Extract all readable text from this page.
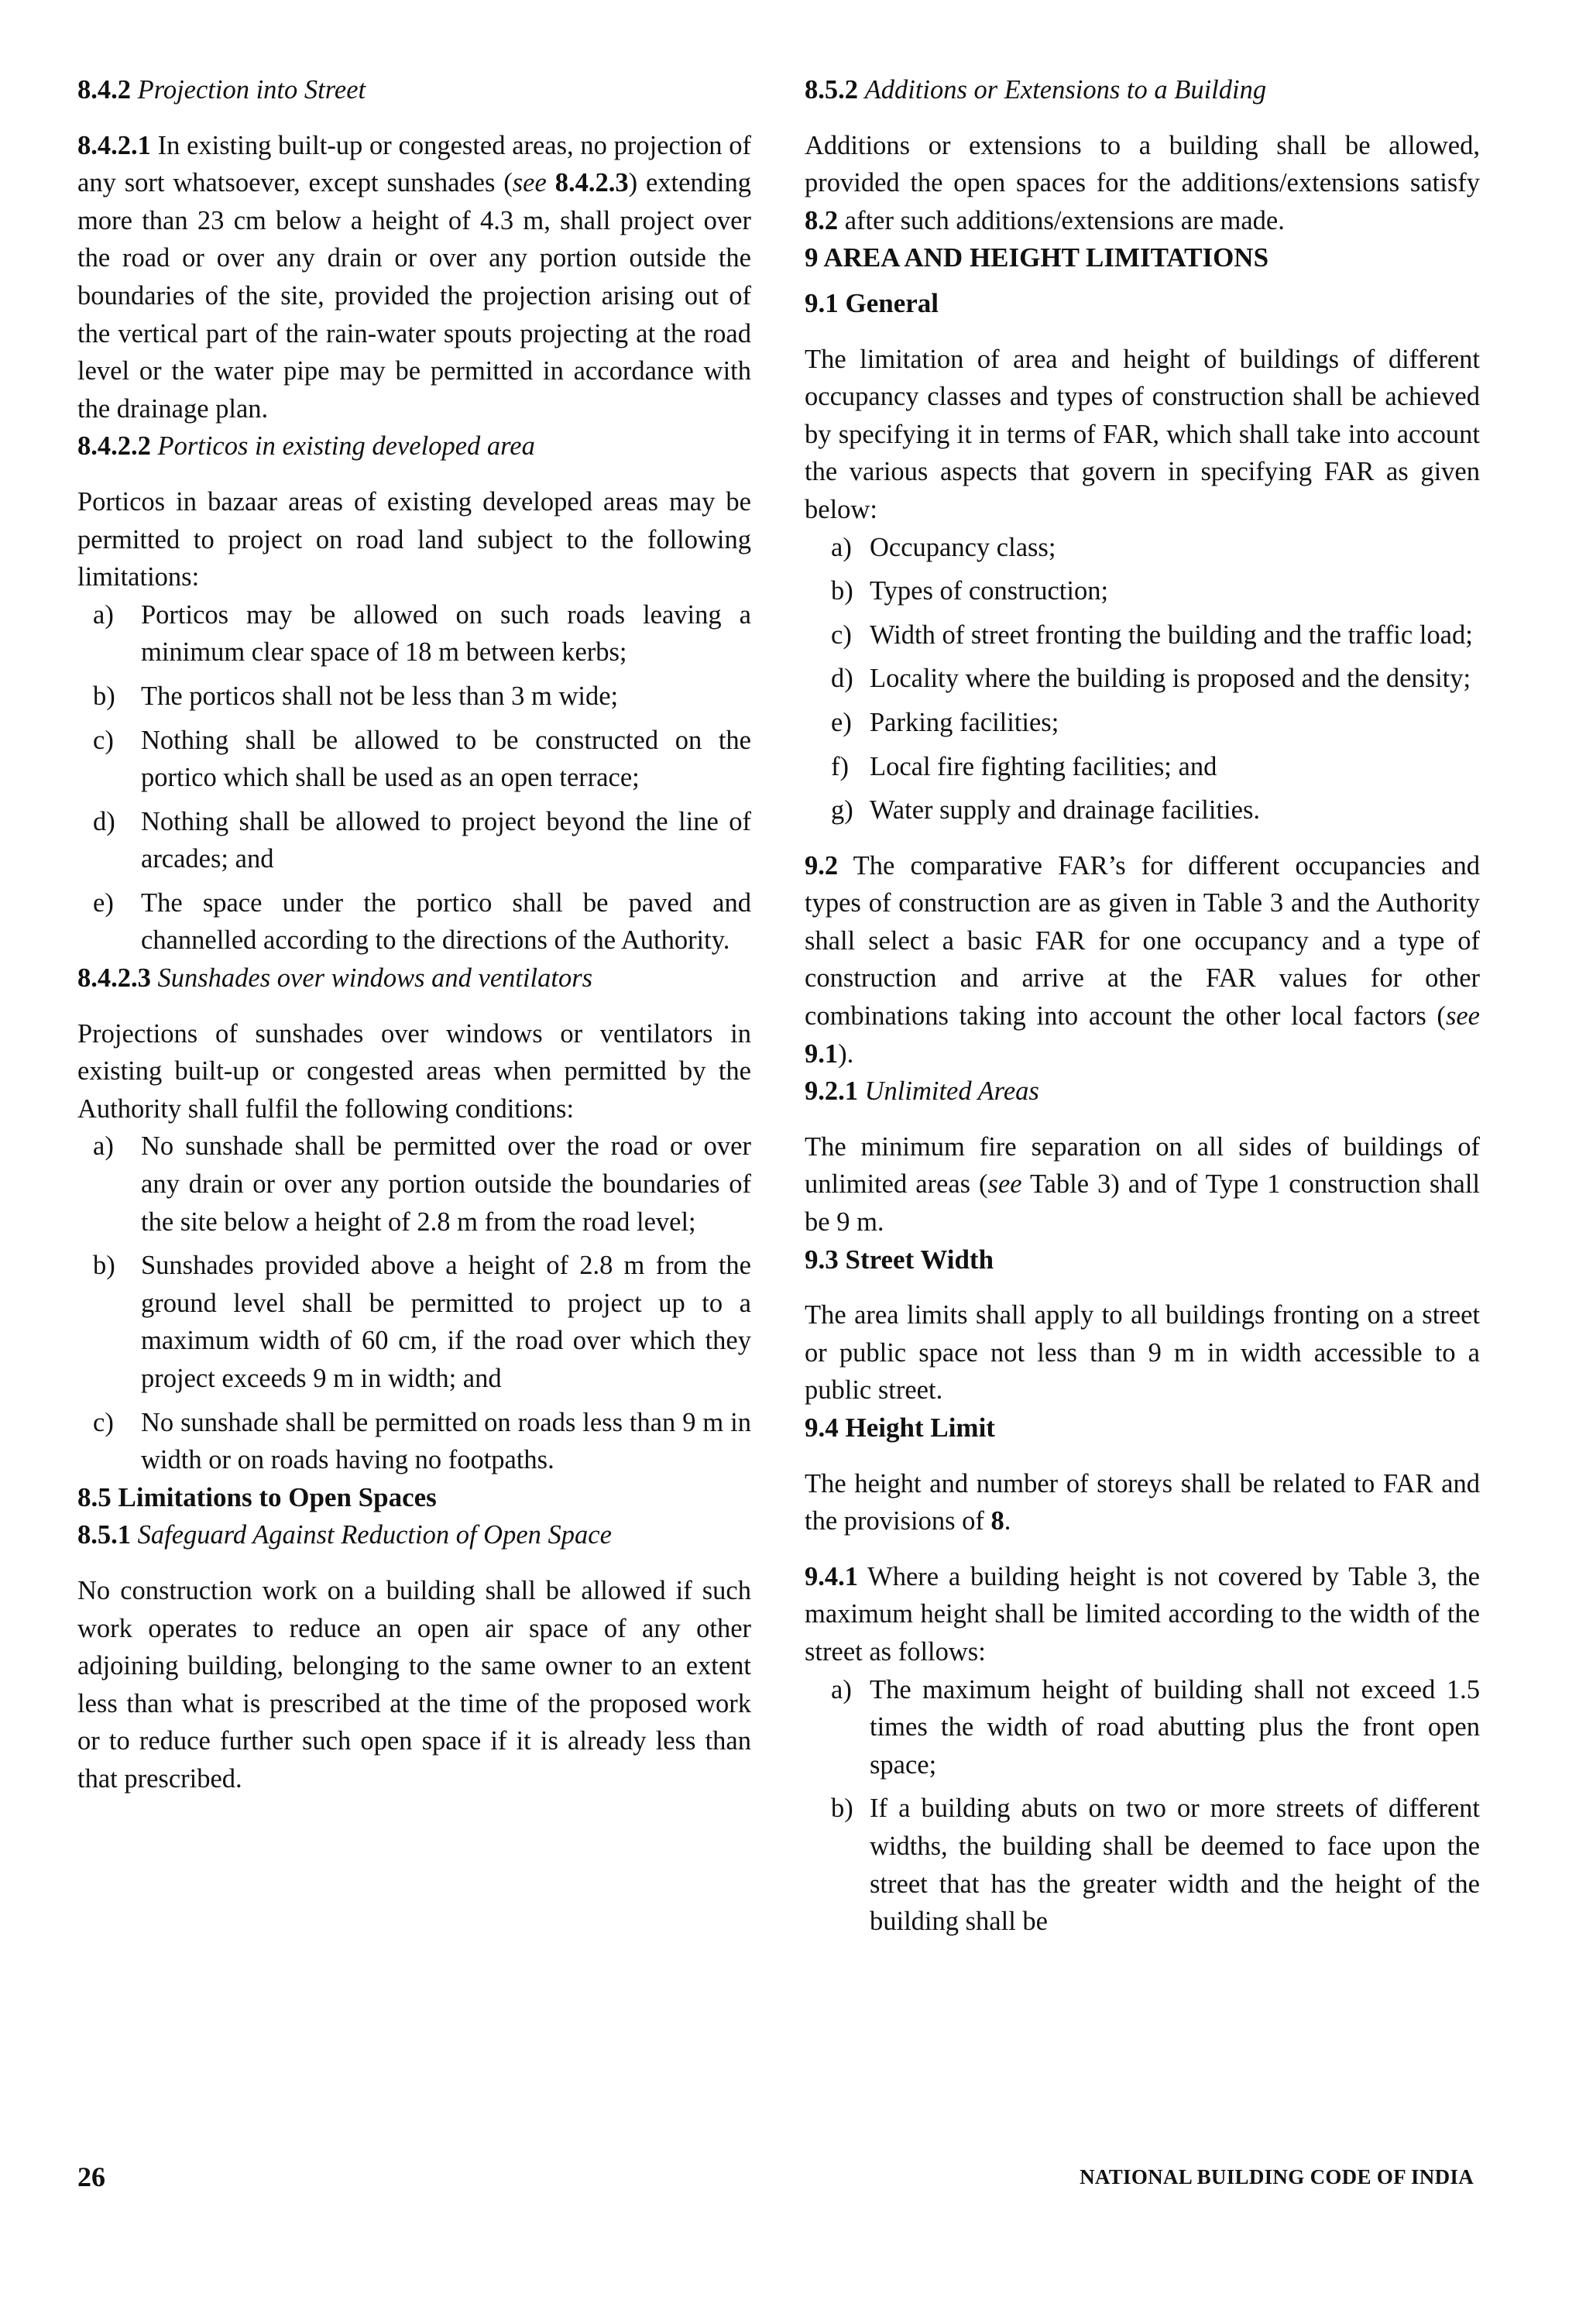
8.4.2 Projection into Street

8.4.2.1 In existing built-up or congested areas, no projection of any sort whatsoever, except sunshades (see 8.4.2.3) extending more than 23 cm below a height of 4.3 m, shall project over the road or over any drain or over any portion outside the boundaries of the site, provided the projection arising out of the vertical part of the rain-water spouts projecting at the road level or the water pipe may be permitted in accordance with the drainage plan.

8.4.2.2 Porticos in existing developed area

Porticos in bazaar areas of existing developed areas may be permitted to project on road land subject to the following limitations:

a)	Porticos may be allowed on such roads leaving a minimum clear space of 18 m between kerbs;
b) The porticos shall not be less than 3 m wide;
c)	Nothing shall be allowed to be constructed on the portico which shall be used as an open terrace;
d) Nothing shall be allowed to project beyond the line of arcades; and
e)	The space under the portico shall be paved and channelled according to the directions of the Authority.
8.4.2.3 Sunshades over windows and ventilators

Projections of sunshades over windows or ventilators in existing built-up or congested areas when permitted by the Authority shall fulfil the following conditions:

a)	No sunshade shall be permitted over the road or over any drain or over any portion outside the boundaries of the site below a height of 2.8 m from the road level;
b) Sunshades provided above a height of 2.8 m from the ground level shall be permitted to project up to a maximum width of 60 cm, if the road over which they project exceeds 9 m in width; and
c)	No sunshade shall be permitted on roads less than 9 m in width or on roads having no footpaths.
8.5 Limitations to Open Spaces
8.5.1 Safeguard Against Reduction of Open Space

No construction work on a building shall be allowed if such work operates to reduce an open air space of any other adjoining building, belonging to the same owner to an extent less than what is prescribed at the time of the proposed work or to reduce further such open space if it is already less than that prescribed.

8.5.2 Additions or Extensions to a Building

Additions or extensions to a building shall be allowed, provided the open spaces for the additions/extensions satisfy 8.2 after such additions/extensions are made.

9 AREA AND HEIGHT LIMITATIONS
9.1 General

The limitation of area and height of buildings of different occupancy classes and types of construction shall be achieved by specifying it in terms of FAR, which shall take into account the various aspects that govern in specifying FAR as given below:

a) Occupancy class;
b) Types of construction;
c) Width of street fronting the building and the traffic load;
d) Locality where the building is proposed and the density;
e) Parking facilities;
f) Local fire fighting facilities; and
g) Water supply and drainage facilities.

9.2 The comparative FAR’s for different occupancies and types of construction are as given in Table 3 and the Authority shall select a basic FAR for one occupancy and a type of construction and arrive at the FAR values for other combinations taking into account the other local factors (see 9.1).

9.2.1 Unlimited Areas

The minimum fire separation on all sides of buildings of unlimited areas (see Table 3) and of Type 1 construction shall be 9 m.

9.3 Street Width

The area limits shall apply to all buildings fronting on a street or public space not less than 9 m in width accessible to a public street.

9.4 Height Limit

The height and number of storeys shall be related to FAR and the provisions of 8.

9.4.1 Where a building height is not covered by Table 3, the maximum height shall be limited according to the width of the street as follows:

a) The maximum height of building shall not exceed 1.5 times the width of road abutting plus the front open space;
b) If a building abuts on two or more streets of different widths, the building shall be deemed to face upon the street that has the greater width and the height of the building shall be
26	NATIONAL BUILDING CODE OF INDIA
